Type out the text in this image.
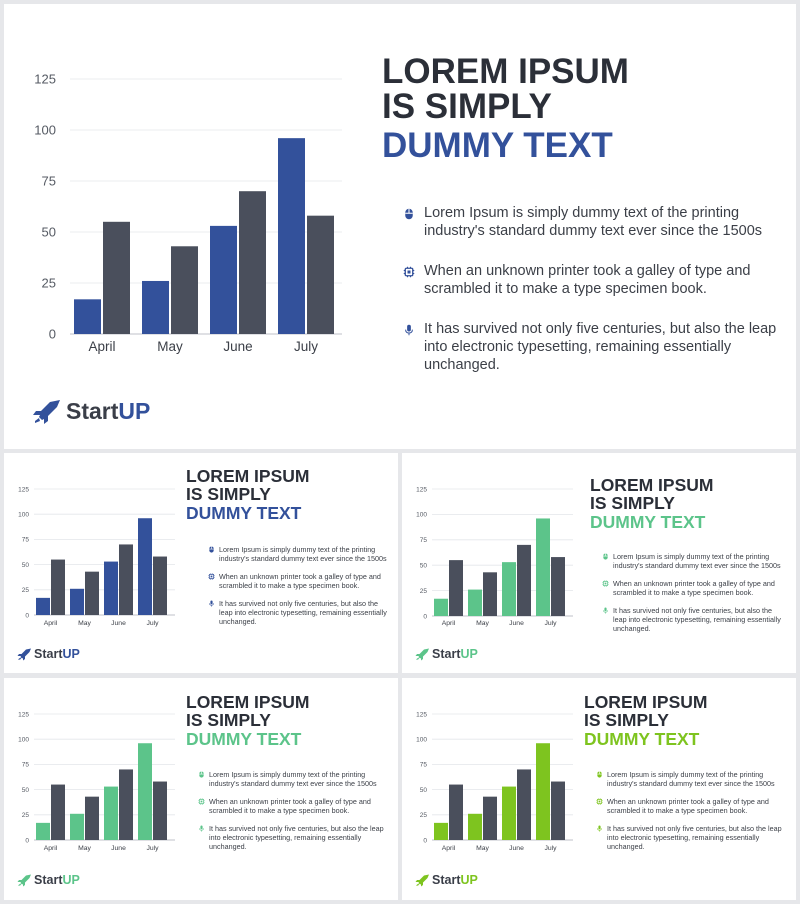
0
25
50
75
100
125
April	May	June	July
LOREM IPSUM
IS SIMPLY
DUMMY TEXT
Lorem Ipsum is simply dummy text of the printing industry's standard dummy text ever since the 1500s
When an unknown printer took a galley of type and scrambled it to make a type specimen book.
It has survived not only five centuries, but also the leap into electronic typesetting, remaining essentially unchanged.
Start UP
0
25
50
75
100
125
April	May	June	July
LOREM IPSUM
IS SIMPLY
DUMMY TEXT
Lorem Ipsum is simply dummy text of the printing industry's standard dummy text ever since the 1500s
When an unknown printer took a galley of type and scrambled it to make a type specimen book.
It has survived not only five centuries, but also the leap into electronic typesetting, remaining essentially unchanged.
Start UP
0
25
50
75
100
125
April	May	June	July
LOREM IPSUM
IS SIMPLY
DUMMY TEXT
Lorem Ipsum is simply dummy text of the printing industry's standard dummy text ever since the 1500s
When an unknown printer took a galley of type and scrambled it to make a type specimen book.
It has survived not only five centuries, but also the leap into electronic typesetting, remaining essentially unchanged.
Start UP
0
25
50
75
100
125
April	May	June	July
LOREM IPSUM
IS SIMPLY
DUMMY TEXT
Lorem Ipsum is simply dummy text of the printing industry's standard dummy text ever since the 1500s
When an unknown printer took a galley of type and scrambled it to make a type specimen book.
It has survived not only five centuries, but also the leap into electronic typesetting, remaining essentially unchanged.
Start UP
0
25
50
75
100
125
April	May	June	July
LOREM IPSUM
IS SIMPLY
DUMMY TEXT
Lorem Ipsum is simply dummy text of the printing industry's standard dummy text ever since the 1500s
When an unknown printer took a galley of type and scrambled it to make a type specimen book.
It has survived not only five centuries, but also the leap into electronic typesetting, remaining essentially unchanged.
Start UP
